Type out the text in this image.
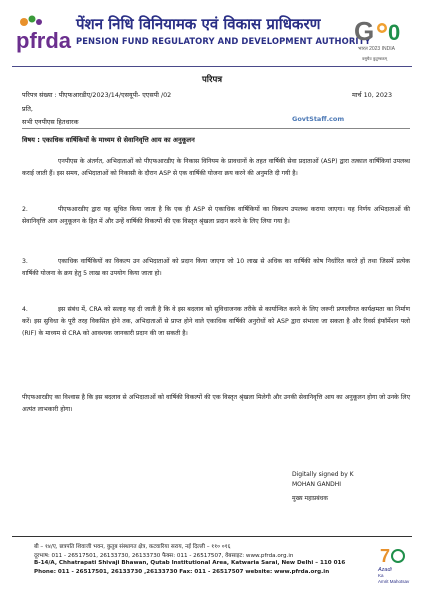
pfrda
पेंशन निधि विनियामक एवं विकास प्राधिकरण
PENSION FUND REGULATORY AND DEVELOPMENT AUTHORITY
G 0
भारत 2023 INDIA
वसुधैव कुटुम्बकम्
परिपत्र
परिपत्र संख्या : पीएफआरडीए/2023/14/एसयूपी- एएसपी /02	मार्च 10, 2023
प्रति,
सभी एनपीएस हितधारक	GovtStaff.com
विषय : एकाधिक वार्षिकियों के माध्यम से सेवानिवृत्ति आय का अनुकूलन
एनपीएस के अंतर्गत, अभिदाताओं को पीएफआरडीए के निकास विनियम के प्रावधानों के तहत वार्षिकी सेवा प्रदाताओं (ASP) द्वारा तत्काल वार्षिकियां उपलब्ध कराई जाती हैं। इस समय, अभिदाताओं को निकासी के दौरान ASP से एक वार्षिकी योजना क्रय करने की अनुमति दी गयी है।
2.	पीएफआरडीए द्वारा यह सूचित किया जाता है कि एक ही ASP से एकाधिक वार्षिकियों का विकल्प उपलब्ध कराया जाएगा। यह निर्णय अभिदाताओं की सेवानिवृत्ति आय अनुकूलन के हित में और उन्हें वार्षिकी विकल्पों की एक विस्तृत श्रृंखला प्रदान करने के लिए लिया गया है।
3.	एकाधिक वार्षिकियों का विकल्प उन अभिदाताओं को प्रदान किया जाएगा जो 10 लाख से अधिक का वार्षिकी कोष निर्धारित करते हों तथा जिसमें प्रत्येक वार्षिकी योजना के क्रय हेतु 5 लाख का उपयोग किया जाता हो।
4.	इस संबंध में, CRA को सलाह यह दी जाती है कि वे इस बदलाव को सुविधाजनक तरीके से कार्यान्वित करने के लिए जरूरी प्रणालीगत कार्यक्षमता का निर्माण करें। इस सुविधा के पूरी तरह विकसित होने तक, अभिदाताओं से प्राप्त होने वाले एकाधिक वार्षिकी अनुरोधों को ASP द्वारा संभाला जा सकता है और रिवर्स इंफॉर्मेशन फ्लो (RIF) के माध्यम से CRA को आवश्यक जानकारी प्रदान की जा सकती है।
पीएफआरडीए का विश्वास है कि इस बदलाव से अभिदाताओं को वार्षिकी विकल्पों की एक विस्तृत श्रृंखला मिलेगी और उनकी सेवानिवृत्ति आय का अनुकूलन होगा जो उनके लिए अत्यंत लाभकारी होगा।
Digitally signed by K
MOHAN GANDHI
मुख्य महाप्रबंधक
बी – १४/ए, छत्रपति शिवाजी भवन, कुतुब संस्थागत क्षेत्र, कटवारिया सराय, नई दिल्ली – ११० ०१६
दूरभाष: 011 - 26517501, 26133730, 26133730 फैक्स: 011 - 26517507, वेबसाइट: www.pfrda.org.in
B-14/A, Chhatrapati Shivaji Bhawan, Qutab Institutional Area, Katwaria Sarai, New Delhi – 110 016
Phone: 011 - 26517501, 26133730 ,26133730 Fax: 011 - 26517507 website: www.pfrda.org.in
7
Azadi
Ka
Amrit Mahotsav
